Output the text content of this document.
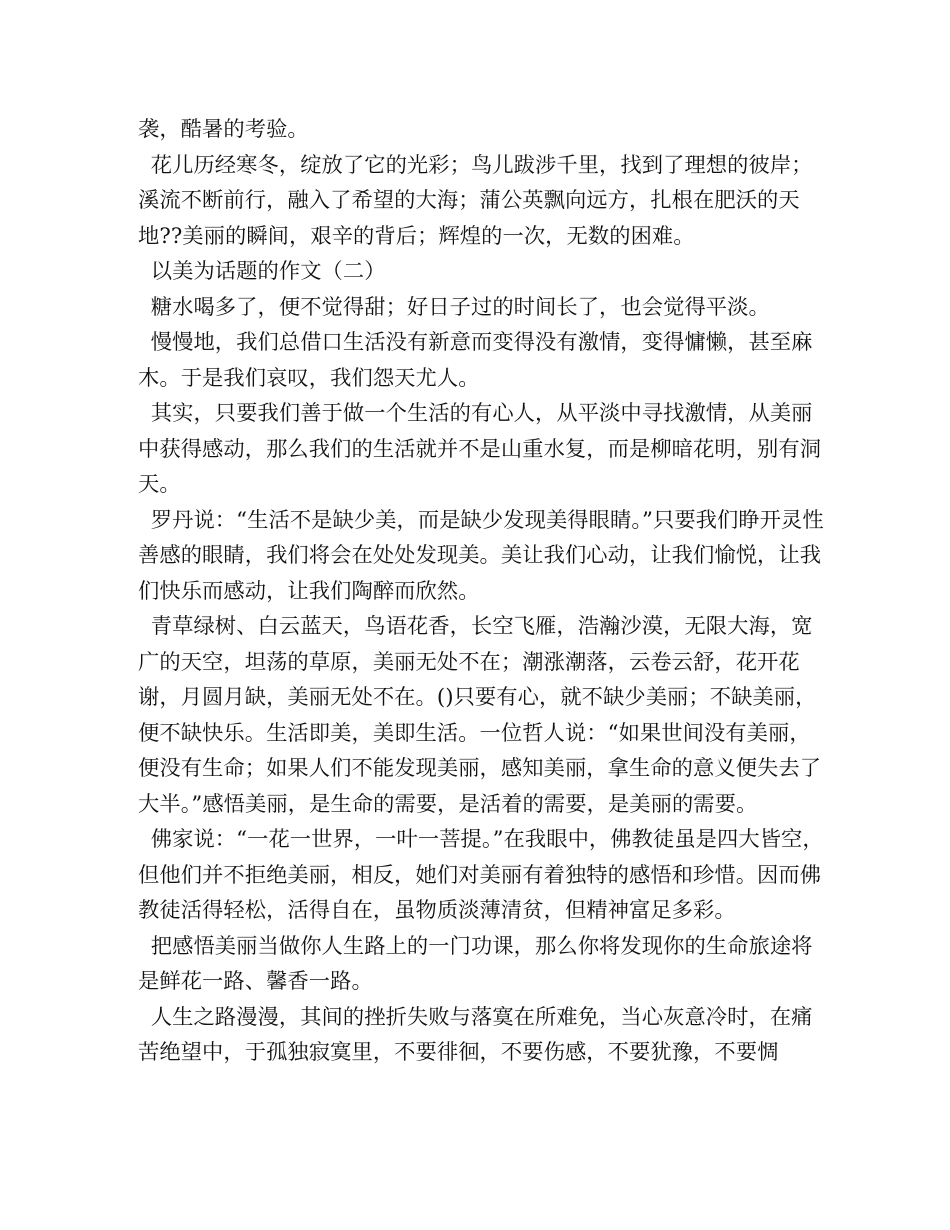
袭，酷暑的考验。

花儿历经寒冬，绽放了它的光彩；鸟儿跋涉千里，找到了理想的彼岸；溪流不断前行，融入了希望的大海；蒲公英飘向远方，扎根在肥沃的天地??美丽的瞬间，艰辛的背后；辉煌的一次，无数的困难。

以美为话题的作文（二）

糖水喝多了，便不觉得甜；好日子过的时间长了，也会觉得平淡。

慢慢地，我们总借口生活没有新意而变得没有激情，变得慵懒，甚至麻木。于是我们哀叹，我们怨天尤人。

其实，只要我们善于做一个生活的有心人，从平淡中寻找激情，从美丽中获得感动，那么我们的生活就并不是山重水复，而是柳暗花明，别有洞天。

罗丹说：“生活不是缺少美，而是缺少发现美得眼睛。”只要我们睁开灵性善感的眼睛，我们将会在处处发现美。美让我们心动，让我们愉悦，让我们快乐而感动，让我们陶醉而欣然。

青草绿树、白云蓝天，鸟语花香，长空飞雁，浩瀚沙漠，无限大海，宽广的天空，坦荡的草原，美丽无处不在；潮涨潮落，云卷云舒，花开花谢，月圆月缺，美丽无处不在。()只要有心，就不缺少美丽；不缺美丽，便不缺快乐。生活即美，美即生活。一位哲人说：“如果世间没有美丽，便没有生命；如果人们不能发现美丽，感知美丽，拿生命的意义便失去了大半。”感悟美丽，是生命的需要，是活着的需要，是美丽的需要。

佛家说：“一花一世界，一叶一菩提。”在我眼中，佛教徒虽是四大皆空，但他们并不拒绝美丽，相反，她们对美丽有着独特的感悟和珍惜。因而佛教徒活得轻松，活得自在，虽物质淡薄清贫，但精神富足多彩。

把感悟美丽当做你人生路上的一门功课，那么你将发现你的生命旅途将是鲜花一路、馨香一路。

人生之路漫漫，其间的挫折失败与落寞在所难免，当心灰意冷时，在痛苦绝望中，于孤独寂寞里，不要徘徊，不要伤感，不要犹豫，不要惆
